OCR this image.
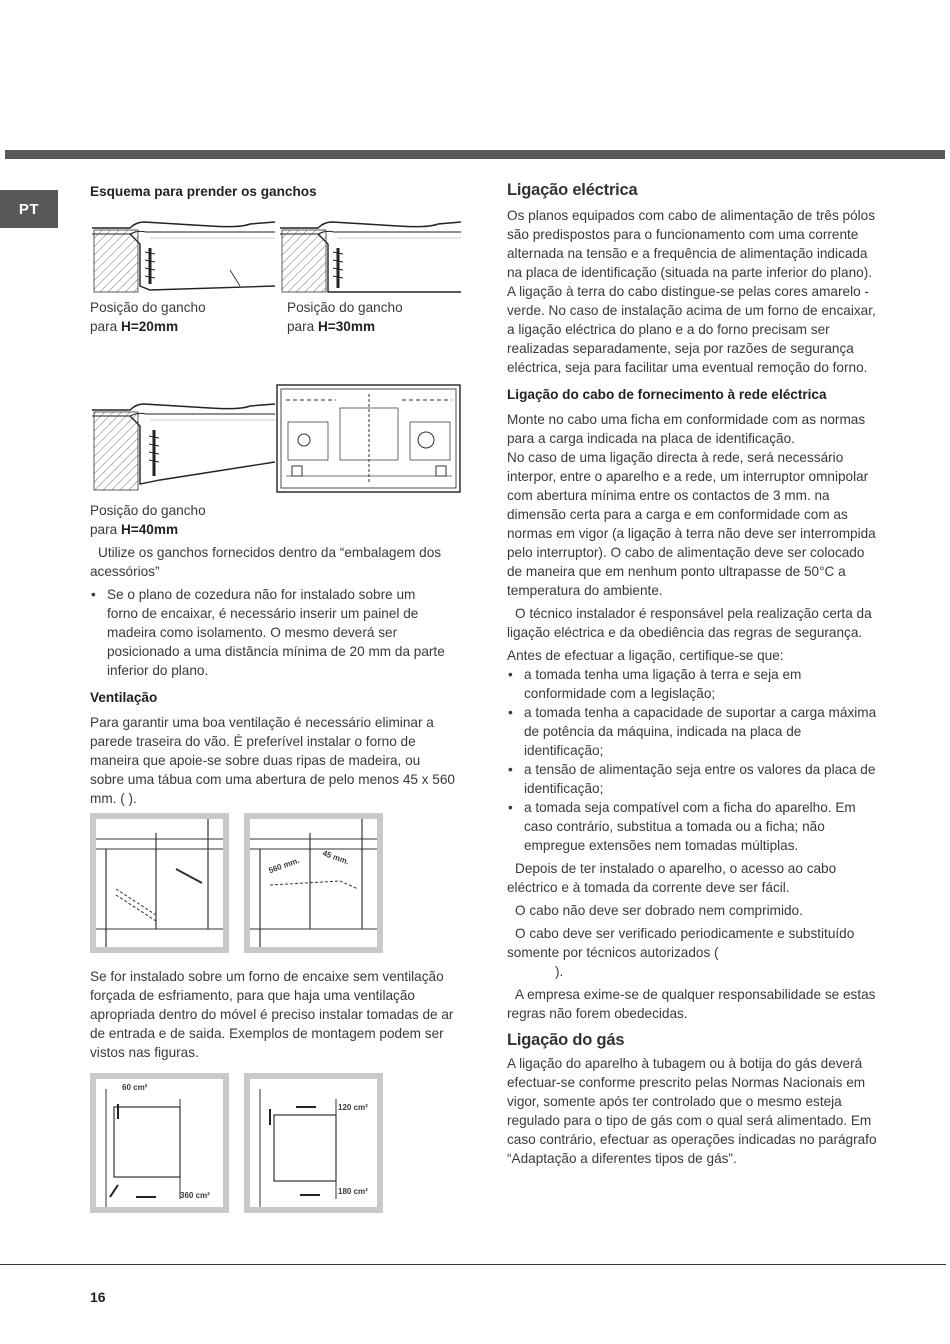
PT
Esquema para prender os ganchos
Posição do gancho
para H=20mm
Posição do gancho
para H=30mm
Posição do gancho
para H=40mm

Utilize os ganchos fornecidos dentro da “embalagem dos acessórios”

• Se o plano de cozedura não for instalado sobre um forno de encaixar, é necessário inserir um painel de madeira como isolamento. O mesmo deverá ser posicionado a uma distância mínima de 20 mm da parte inferior do plano.
Ventilação
Para garantir uma boa ventilação é necessário eliminar a parede traseira do vão. É preferível instalar o forno de maneira que apoie-se sobre duas ripas de madeira, ou sobre uma tábua com uma abertura de pelo menos 45 x 560 mm. ( ).
560 mm.	45 mm.
Se for instalado sobre um forno de encaixe sem ventilação forçada de esfriamento, para que haja uma ventilação apropriada dentro do móvel é preciso instalar tomadas de ar de entrada e de saida. Exemplos de montagem podem ser vistos nas figuras.
60 cm²
360 cm²
120 cm²
180 cm²
Ligação eléctrica

Os planos equipados com cabo de alimentação de três pólos são predispostos para o funcionamento com uma corrente alternada na tensão e a frequência de alimentação indicada na placa de identificação (situada na parte inferior do plano). A ligação à terra do cabo distingue-se pelas cores amarelo - verde. No caso de instalação acima de um forno de encaixar, a ligação eléctrica do plano e a do forno precisam ser realizadas separadamente, seja por razões de segurança eléctrica, seja para facilitar uma eventual remoção do forno.

Ligação do cabo de fornecimento à rede eléctrica

Monte no cabo uma ficha em conformidade com as normas para a carga indicada na placa de identificação.

No caso de uma ligação directa à rede, será necessário interpor, entre o aparelho e a rede, um interruptor omnipolar com abertura mínima entre os contactos de 3 mm. na dimensão certa para a carga e em conformidade com as normas em vigor (a ligação à terra não deve ser interrompida pelo interruptor). O cabo de alimentação deve ser colocado de maneira que em nenhum ponto ultrapasse de 50°C a temperatura do ambiente.

O técnico instalador é responsável pela realização certa da ligação eléctrica e da obediência das regras de segurança.

Antes de efectuar a ligação, certifique-se que:

• a tomada tenha uma ligação à terra e seja em conformidade com a legislação;
• a tomada tenha a capacidade de suportar a carga máxima de potência da máquina, indicada na placa de identificação;
• a tensão de alimentação seja entre os valores da placa de identificação;
• a tomada seja compatível com a ficha do aparelho. Em caso contrário, substitua a tomada ou a ficha; não empregue extensões nem tomadas múltiplas.

Depois de ter instalado o aparelho, o acesso ao cabo eléctrico e à tomada da corrente deve ser fácil.

O cabo não deve ser dobrado nem comprimido.

O cabo deve ser verificado periodicamente e substituído somente por técnicos autorizados (

).

A empresa exime-se de qualquer responsabilidade se estas regras não forem obedecidas.

Ligação do gás

A ligação do aparelho à tubagem ou à botija do gás deverá efectuar-se conforme prescrito pelas Normas Nacionais em vigor, somente após ter controlado que o mesmo esteja regulado para o tipo de gás com o qual será alimentado. Em caso contrário, efectuar as operações indicadas no parágrafo “Adaptação a diferentes tipos de gás”.

16
